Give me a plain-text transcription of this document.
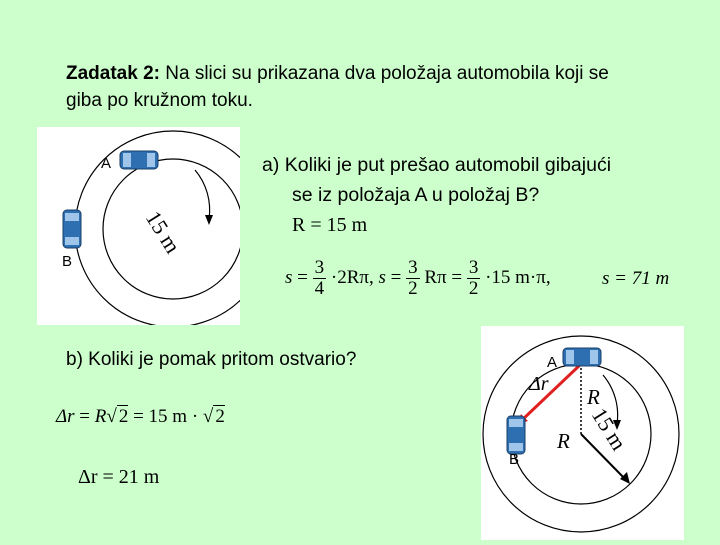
Zadatak 2: Na slici su prikazana dva položaja automobila koji se giba po kružnom toku.
A
B
15 m
a) Koliki je put prešao automobil gibajući
se iz položaja A u položaj B?
R = 15 m
$s = \frac{3}{4} \cdot 2R\pi$, $s = \frac{3}{2}$ $R\pi = \frac{3}{2} \cdot 15$ m·π,	s = 71 m
b) Koliki je pomak pritom ostvario?
Δr = R√ 2 = 15 m · √ 2
Δr = 21 m
A
B
Δr
R
R 15 m
